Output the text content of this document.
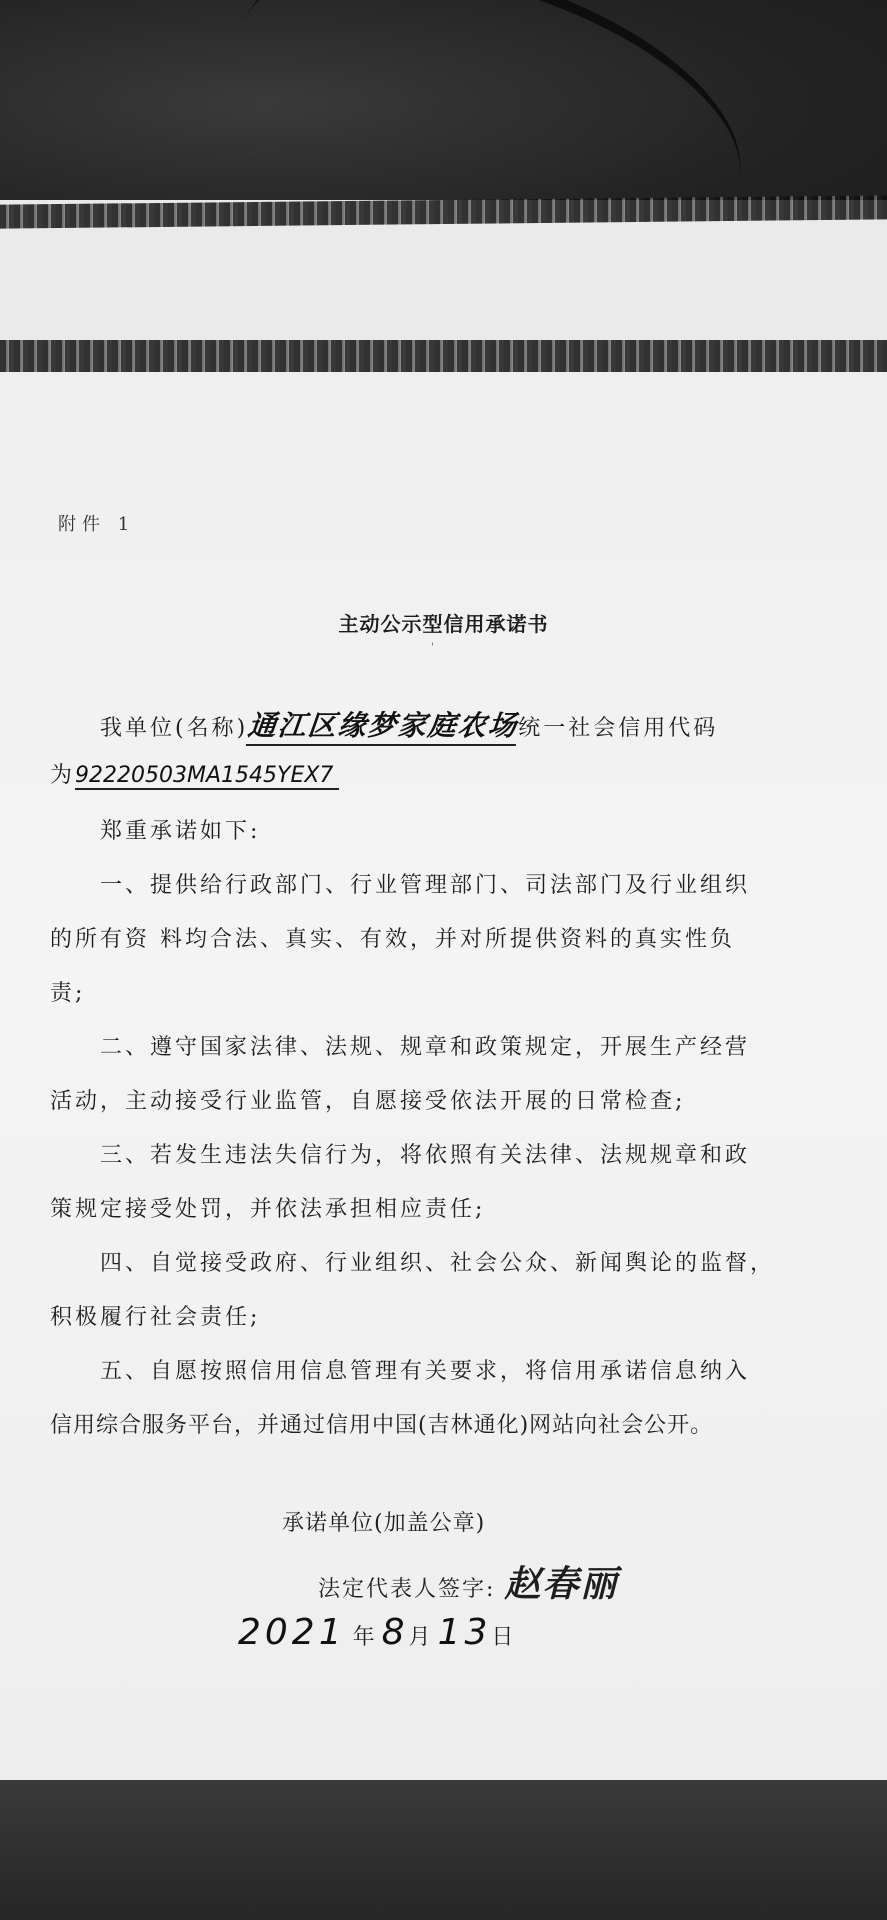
附件 1
主动公示型信用承诺书
'
我单位(名称)通江区缘梦家庭农场统一社会信用代码
为92220503MA1545YEX7
郑重承诺如下:
一、提供给行政部门、行业管理部门、司法部门及行业组织
的所有资 料均合法、真实、有效，并对所提供资料的真实性负
责;
二、遵守国家法律、法规、规章和政策规定，开展生产经营
活动，主动接受行业监管，自愿接受依法开展的日常检查;
三、若发生违法失信行为，将依照有关法律、法规规章和政
策规定接受处罚，并依法承担相应责任;
四、自觉接受政府、行业组织、社会公众、新闻舆论的监督，
积极履行社会责任;
五、自愿按照信用信息管理有关要求，将信用承诺信息纳入
信用综合服务平台，并通过信用中国(吉林通化)网站向社会公开。
承诺单位(加盖公章)
法定代表人签字: 赵春丽
2021 年 8月 13日
